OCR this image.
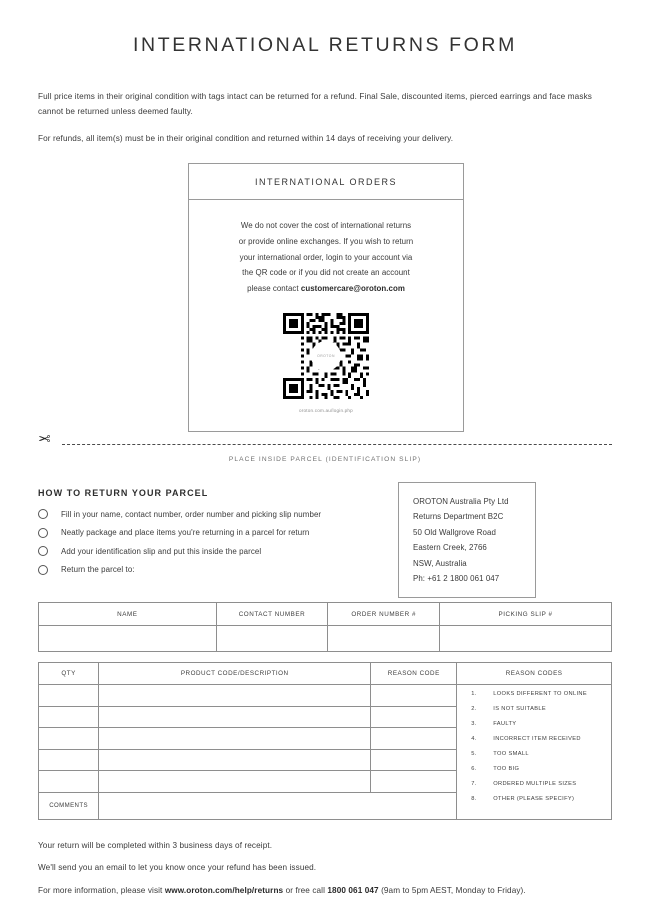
INTERNATIONAL RETURNS FORM

Full price items in their original condition with tags intact can be returned for a refund. Final Sale, discounted items, pierced earrings and face masks cannot be returned unless deemed faulty.

For refunds, all item(s) must be in their original condition and returned within 14 days of receiving your delivery.

INTERNATIONAL ORDERS

We do not cover the cost of international returns
or provide online exchanges. If you wish to return
your international order, login to your account via
the QR code or if you did not create an account
please contact customercare@oroton.com

OROTON
oroton.com.au/login.php
✂
PLACE INSIDE PARCEL (IDENTIFICATION SLIP)
HOW TO RETURN YOUR PARCEL
Fill in your name, contact number, order number and picking slip number
Neatly package and place items you're returning in a parcel for return
Add your identification slip and put this inside the parcel
Return the parcel to:
OROTON Australia Pty Ltd
Returns Department B2C
50 Old Wallgrove Road
Eastern Creek, 2766
NSW, Australia
Ph: +61 2 1800 061 047
NAME	CONTACT NUMBER	ORDER NUMBER #	PICKING SLIP #

QTY	PRODUCT CODE/DESCRIPTION	REASON CODE	REASON CODES

1.	LOOKS DIFFERENT TO ONLINE
2.	IS NOT SUITABLE
3.	FAULTY
4.	INCORRECT ITEM RECEIVED
5.	TOO SMALL
6.	TOO BIG
7.	ORDERED MULTIPLE SIZES
8.	OTHER (PLEASE SPECIFY)

COMMENTS			

Your return will be completed within 3 business days of receipt.

We'll send you an email to let you know once your refund has been issued.

For more information, please visit www.oroton.com/help/returns or free call 1800 061 047 (9am to 5pm AEST, Monday to Friday).
